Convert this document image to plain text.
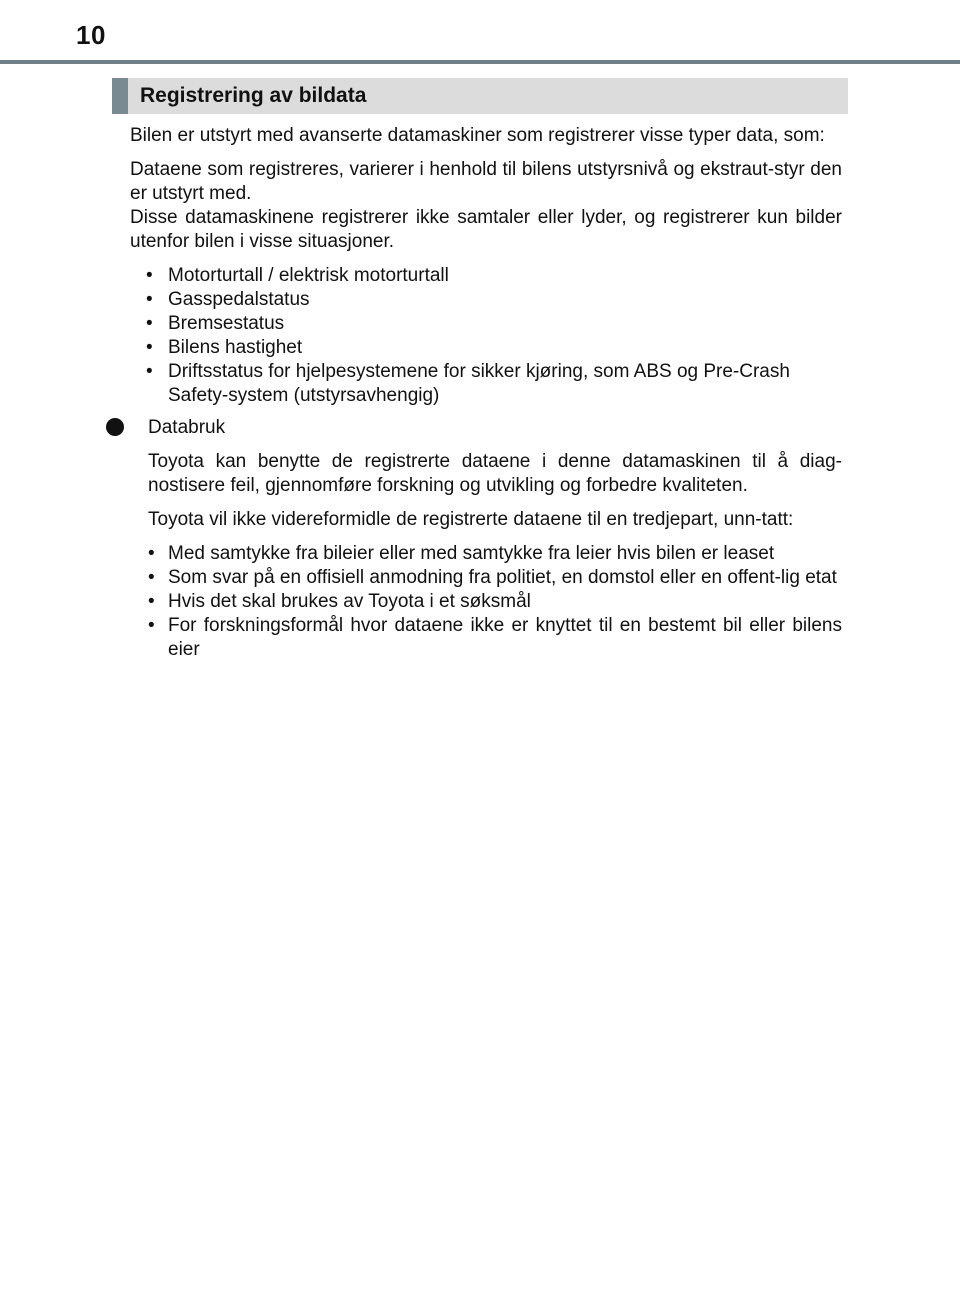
10
Registrering av bildata

Bilen er utstyrt med avanserte datamaskiner som registrerer visse typer data, som:

Dataene som registreres, varierer i henhold til bilens utstyrsnivå og ekstraut-styr den er utstyrt med.

Disse datamaskinene registrerer ikke samtaler eller lyder, og registrerer kun bilder utenfor bilen i visse situasjoner.

• Motorturtall / elektrisk motorturtall
• Gasspedalstatus
• Bremsestatus
• Bilens hastighet
• Driftsstatus for hjelpesystemene for sikker kjøring, som ABS og Pre-Crash Safety-system (utstyrsavhengig)

Databruk

Toyota kan benytte de registrerte dataene i denne datamaskinen til å diag-nostisere feil, gjennomføre forskning og utvikling og forbedre kvaliteten.

Toyota vil ikke videreformidle de registrerte dataene til en tredjepart, unn-tatt:

• Med samtykke fra bileier eller med samtykke fra leier hvis bilen er leaset
• Som svar på en offisiell anmodning fra politiet, en domstol eller en offent-lig etat
• Hvis det skal brukes av Toyota i et søksmål
• For forskningsformål hvor dataene ikke er knyttet til en bestemt bil eller bilens eier
